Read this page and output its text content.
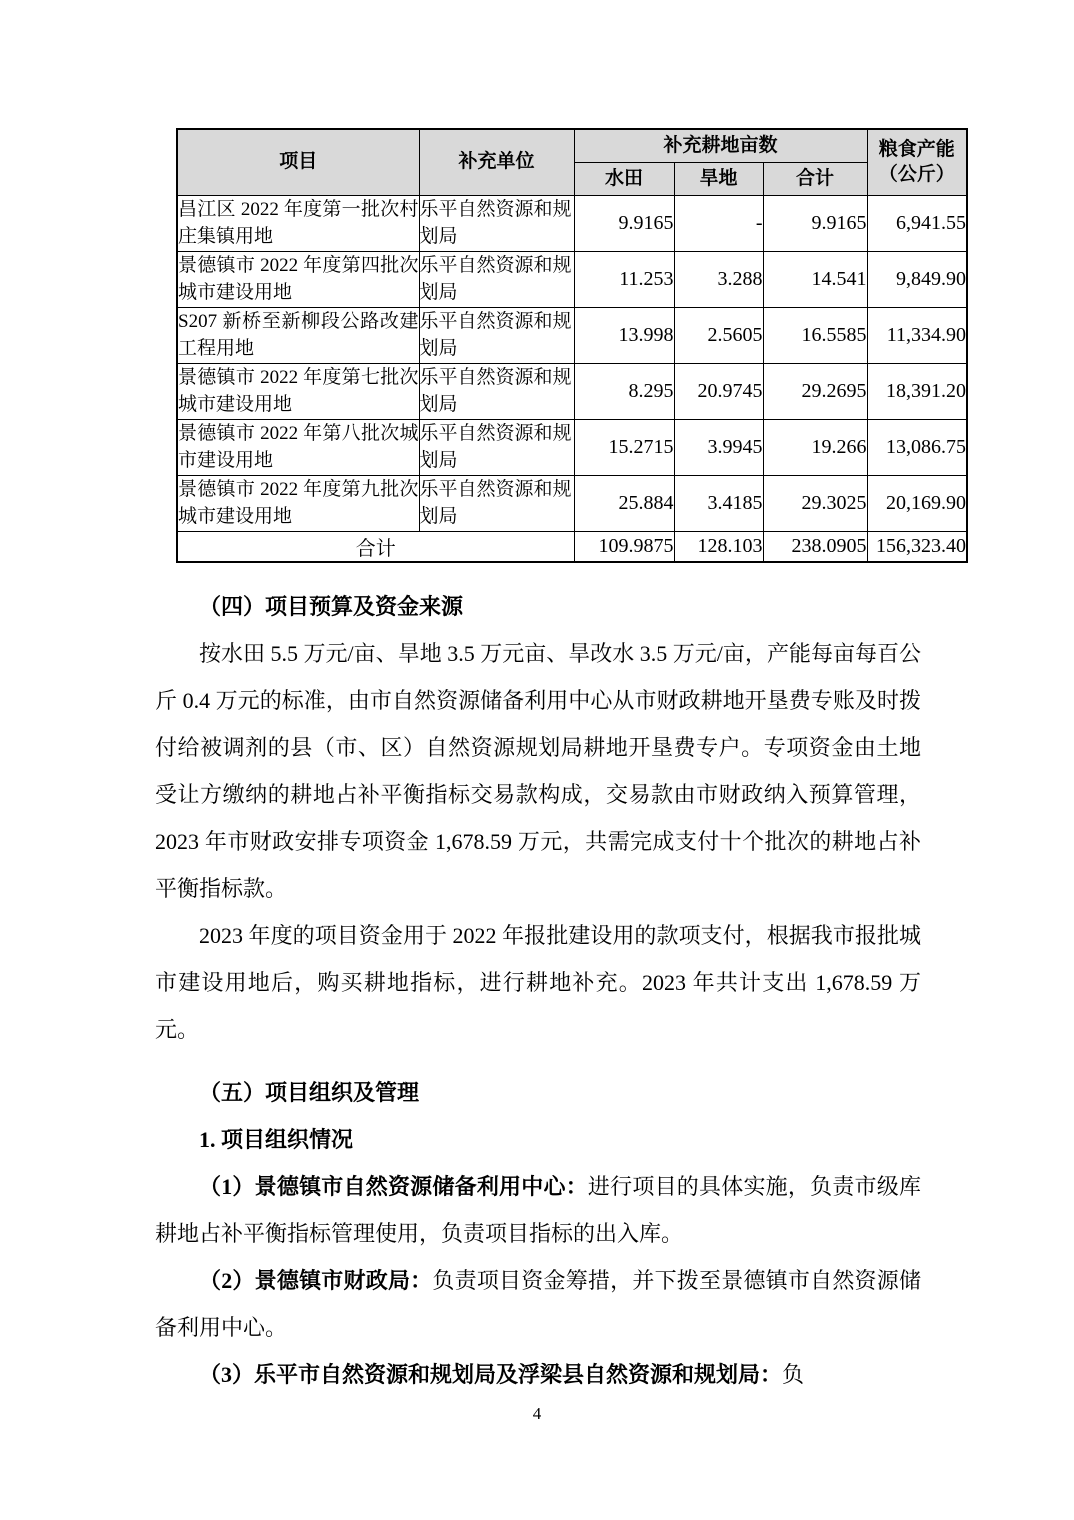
项目	补充单位	补充耕地亩数			粮食产能
（公斤）
		水田	旱地	合计	
昌江区 2022 年度第一批次村庄集镇用地	乐平自然资源和规划局	9.9165	-	9.9165	6,941.55
景德镇市 2022 年度第四批次城市建设用地	乐平自然资源和规划局	11.253	3.288	14.541	9,849.90
S207 新桥至新柳段公路改建工程用地	乐平自然资源和规划局	13.998	2.5605	16.5585	11,334.90
景德镇市 2022 年度第七批次城市建设用地	乐平自然资源和规划局	8.295	20.9745	29.2695	18,391.20
景德镇市 2022 年第八批次城市建设用地	乐平自然资源和规划局	15.2715	3.9945	19.266	13,086.75
景德镇市 2022 年度第九批次城市建设用地	乐平自然资源和规划局	25.884	3.4185	29.3025	20,169.90
合计		109.9875	128.103	238.0905	156,323.40
（四）项目预算及资金来源

按水田 5.5 万元/亩、旱地 3.5 万元亩、旱改水 3.5 万元/亩，产能每亩每百公斤 0.4 万元的标准，由市自然资源储备利用中心从市财政耕地开垦费专账及时拨付给被调剂的县（市、区）自然资源规划局耕地开垦费专户。专项资金由土地受让方缴纳的耕地占补平衡指标交易款构成，交易款由市财政纳入预算管理，2023 年市财政安排专项资金 1,678.59 万元，共需完成支付十个批次的耕地占补平衡指标款。

2023 年度的项目资金用于 2022 年报批建设用的款项支付，根据我市报批城市建设用地后，购买耕地指标，进行耕地补充。2023 年共计支出 1,678.59 万元。

（五）项目组织及管理
1. 项目组织情况

（1）景德镇市自然资源储备利用中心：进行项目的具体实施，负责市级库耕地占补平衡指标管理使用，负责项目指标的出入库。

（2）景德镇市财政局：负责项目资金筹措，并下拨至景德镇市自然资源储备利用中心。

（3）乐平市自然资源和规划局及浮梁县自然资源和规划局：负

4
